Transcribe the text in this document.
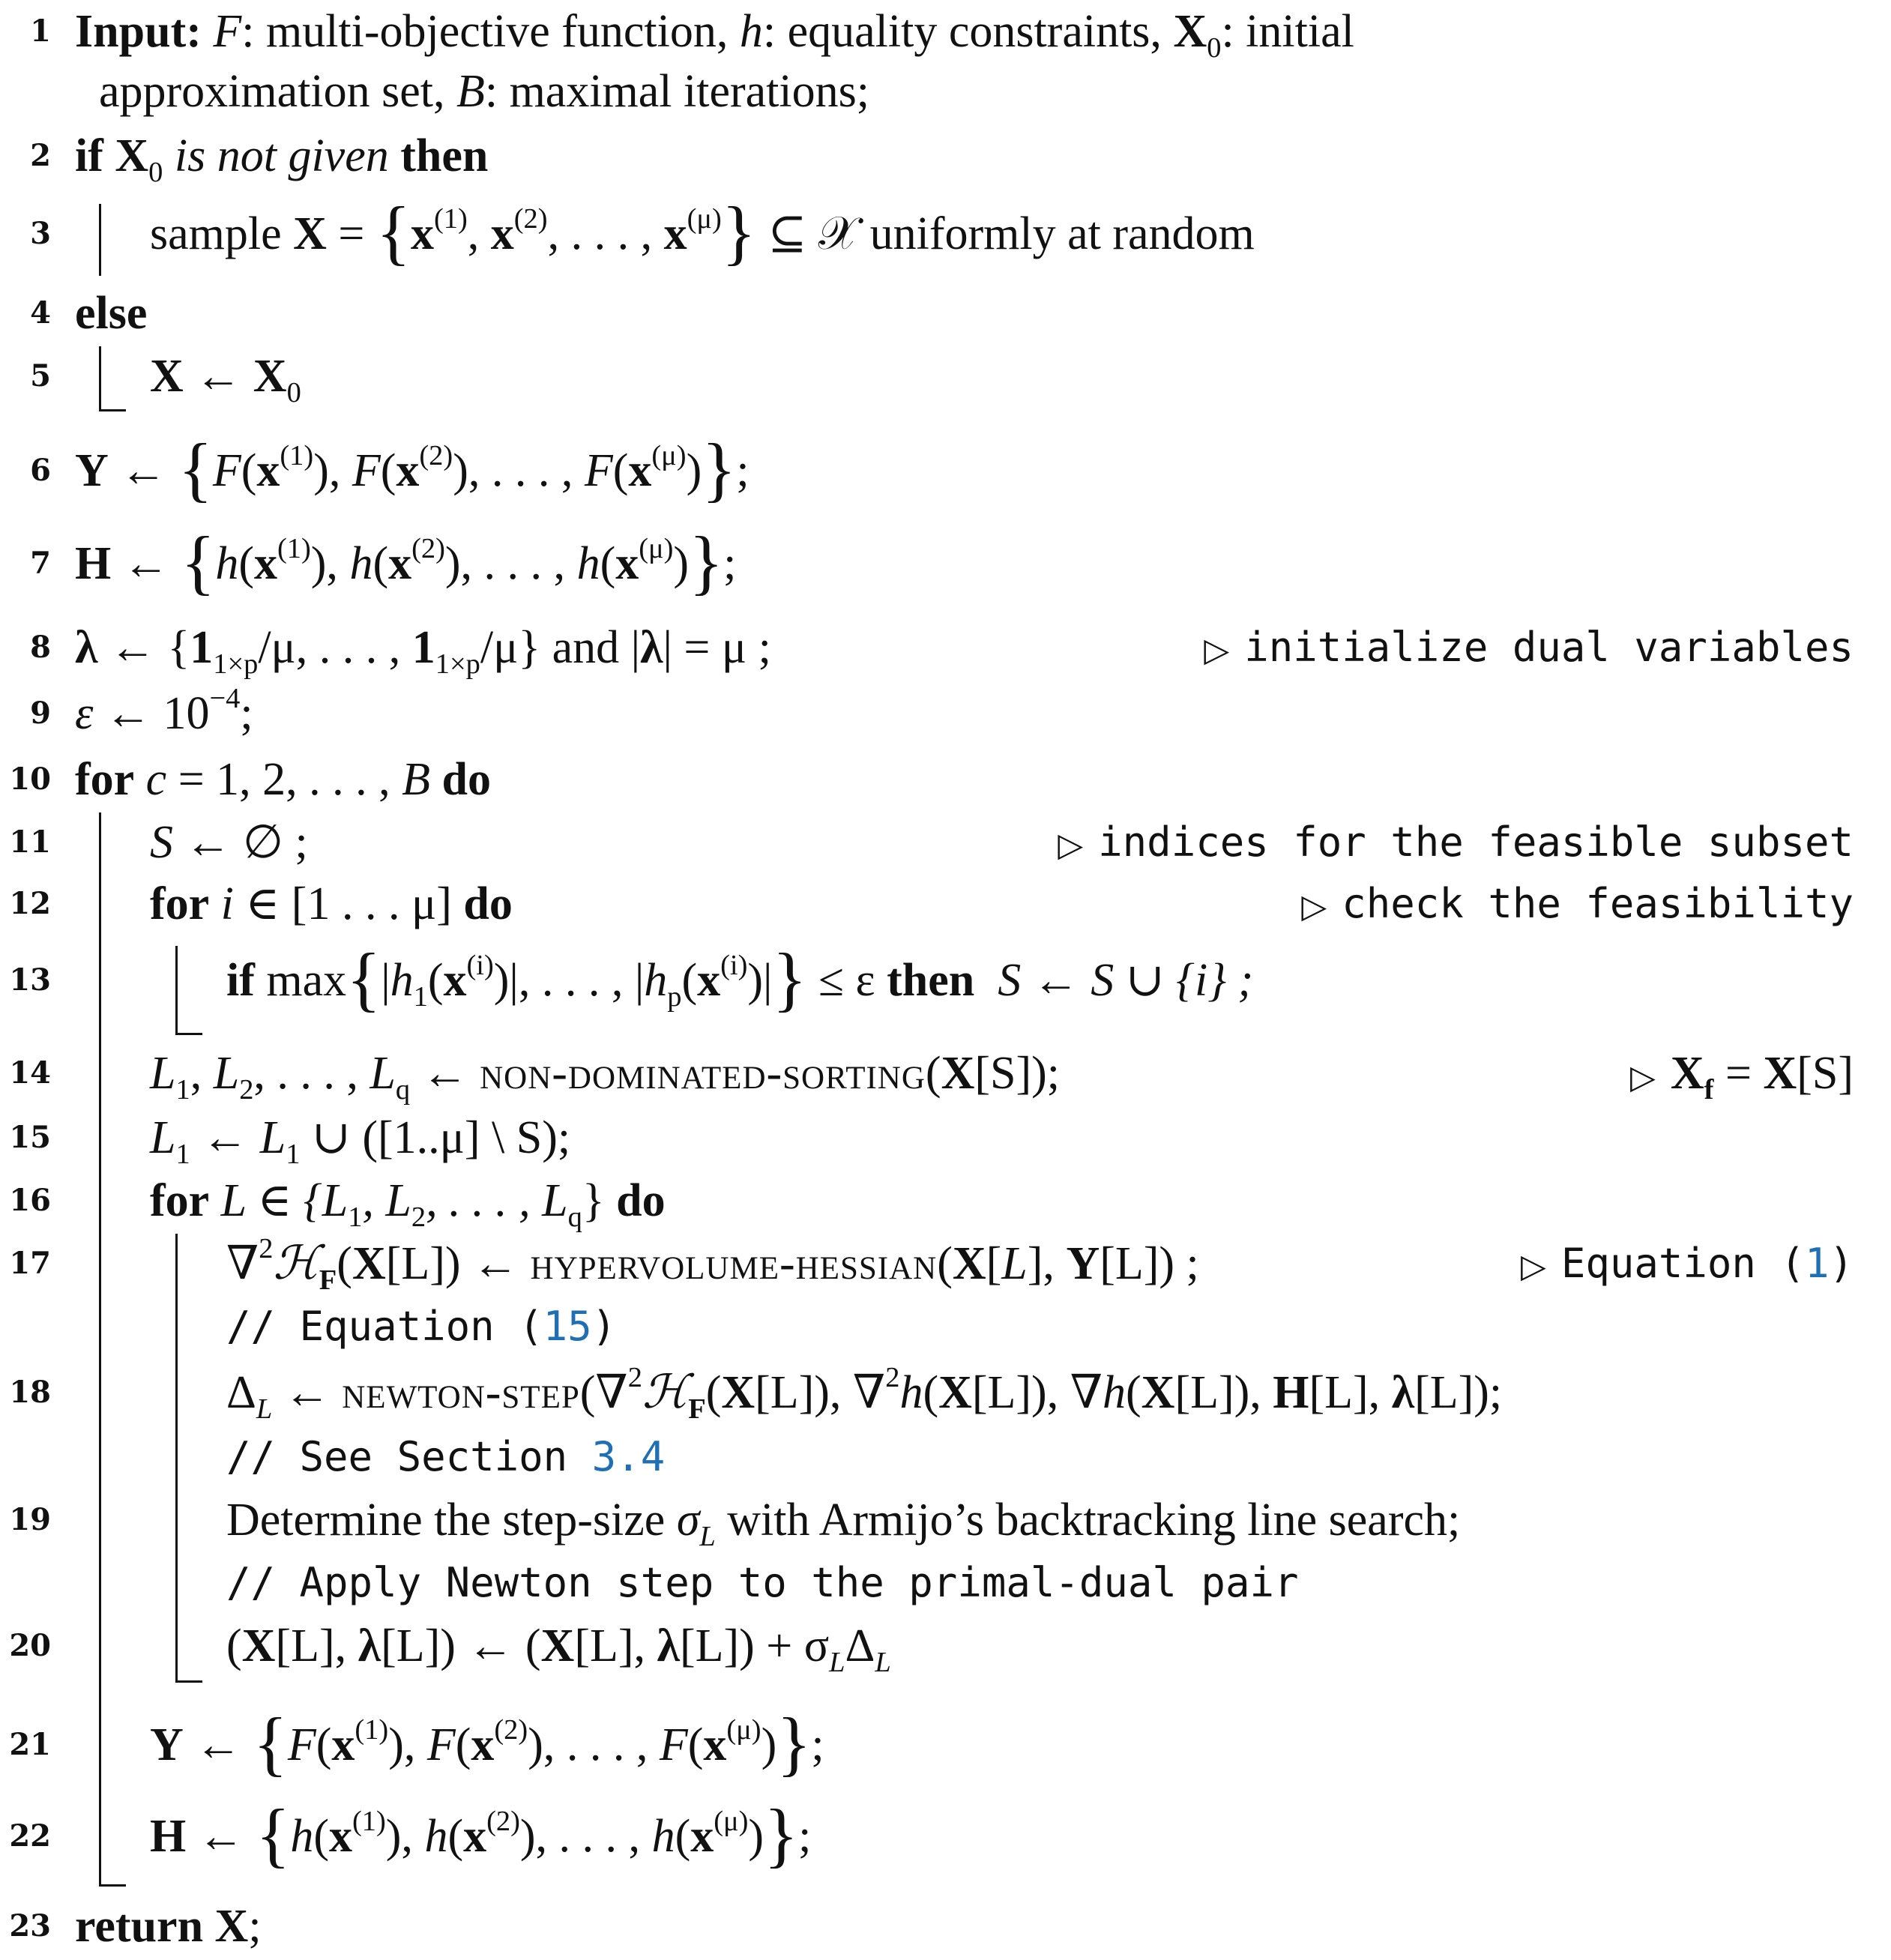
1 Input: F: multi-objective function, h: equality constraints, $X_0$: initial
approximation set, B: maximal iterations;
2 if $X_0$ is not given then
3 sample $X = \{x^{(1)}$, $x^{(2)}$, . . . , $x^{(\mu)}$} ⊆ 𝒳 uniformly at random
4 else
5 X ← $X_0$
6 Y ← {$F(x^{(1)})$, $F(x^{(2)})$, . . . , $F(x^{(\mu)})$};
7 H ← {$h(x^{(1)})$, $h(x^{(2)})$, . . . , $h(x^{(\mu)})$};
8 λ ← {$1_{1\times p}/\mu$, . . . , $1_{1\times p}/\mu$} and |λ| = μ ;	▷ initialize dual variables
9 ε ← $10^{-4}$;
10 for c = 1, 2, . . . , B do
11 S ← ∅ ;	▷ indices for the feasible subset
12 for i ∈ [1 . . . μ] do	▷ check the feasibility
13	if $\max\{|h_1(x^{(i)})|$, . . . , $|h_p(x^{(i)})|\} \le \varepsilon$ then S ← S ∪ {i} ;
14 $L_1$, $L_2$, . . . , $L_q$ ← non-dominated-sorting(X[S]);	▷ $X_f = X[S]$
15 $L_1$ ← $L_1$ ∪ ([1..μ] \ S);
16 for L ∈ {$L_1$, $L_2$, . . . , $L_q$} do
17	∇$^2$ℋ$_F$(X[L]) ← hypervolume-hessian(X[L], Y[L]) ;	▷ Equation (1)
// Equation (15)
18	$\Delta_L$ ← newton-step(∇$^2$ℋ$_F$(X[L]), ∇$^2$h(X[L]), ∇h(X[L]), H[L], λ[L]);
// See Section 3.4
19	Determine the step-size $\sigma_L$ with Armijo’s backtracking line search;
// Apply Newton step to the primal-dual pair
20	(X[L], λ[L]) ← (X[L], $\lambda[L]) + \sigma_L\Delta_L$
21 Y ← {$F(x^{(1)})$, $F(x^{(2)})$, . . . , $F(x^{(\mu)})$};
22 H ← {$h(x^{(1)})$, $h(x^{(2)})$, . . . , $h(x^{(\mu)})$};
23 return X;
